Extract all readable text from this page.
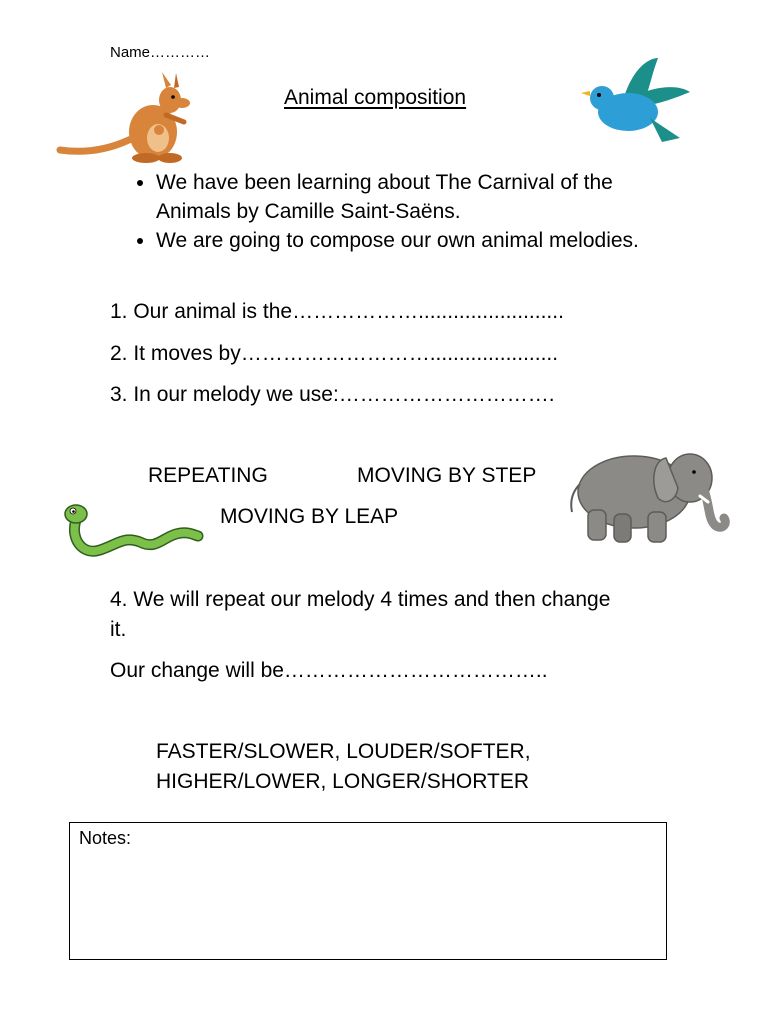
Name…………
Animal composition
• We have been learning about The Carnival of the Animals by Camille Saint-Saëns.
• We are going to compose our own animal melodies.
1. Our animal is the……………….........................
2. It moves by………………………......................
3. In our melody we use:………………………….
REPEATING	MOVING BY STEP
MOVING BY LEAP
4. We will repeat our melody 4 times and then change it.
Our change will be………………………………..
FASTER/SLOWER, LOUDER/SOFTER,
HIGHER/LOWER, LONGER/SHORTER
Notes:
